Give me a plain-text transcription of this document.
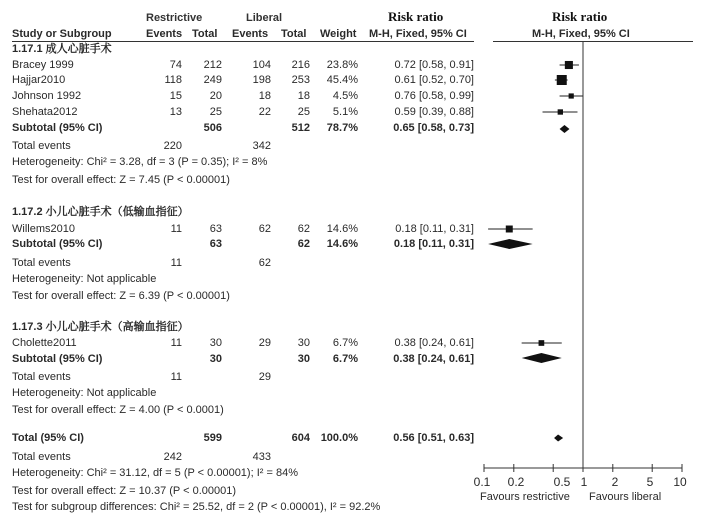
Restrictive	Liberal	Risk ratio	Risk ratio
Study or Subgroup	Events Total Events Total Weight M-H, Fixed, 95% CI	M-H, Fixed, 95% CI
1.17.1 成人心脏手术
Bracey 1999	74	212	104	216	23.8%	0.72 [0.58, 0.91]
Hajjar2010	118	249	198	253	45.4%	0.61 [0.52, 0.70]
Johnson 1992	15	20	18	18	4.5%	0.76 [0.58, 0.99]
Shehata2012	13	25	22	25	5.1%	0.59 [0.39, 0.88]
Subtotal (95% CI)	506	512	78.7%	0.65 [0.58, 0.73]
Total events	220	342
Heterogeneity: Chi² = 3.28, df = 3 (P = 0.35); I² = 8%
Test for overall effect: Z = 7.45 (P < 0.00001)
1.17.2 小儿心脏手术（低输血指征）
Willems2010	11	63	62	62	14.6%	0.18 [0.11, 0.31]
Subtotal (95% CI)	63	62	14.6%	0.18 [0.11, 0.31]
Total events	11	62
Heterogeneity: Not applicable
Test for overall effect: Z = 6.39 (P < 0.00001)
1.17.3 小儿心脏手术（高输血指征）
Cholette2011	11	30	29	30	6.7%	0.38 [0.24, 0.61]
Subtotal (95% CI)	30	30	6.7%	0.38 [0.24, 0.61]
Total events	11	29
Heterogeneity: Not applicable
Test for overall effect: Z = 4.00 (P < 0.0001)
Total (95% CI)	599	604 100.0%	0.56 [0.51, 0.63]
Total events	242	433
Heterogeneity: Chi² = 31.12, df = 5 (P < 0.00001); I² = 84%
Test for overall effect: Z = 10.37 (P < 0.00001)
Test for subgroup differences: Chi² = 25.52, df = 2 (P < 0.00001), I² = 92.2%
0.1	0.2	0.5 1	2	5	10
Favours restrictive Favours liberal
